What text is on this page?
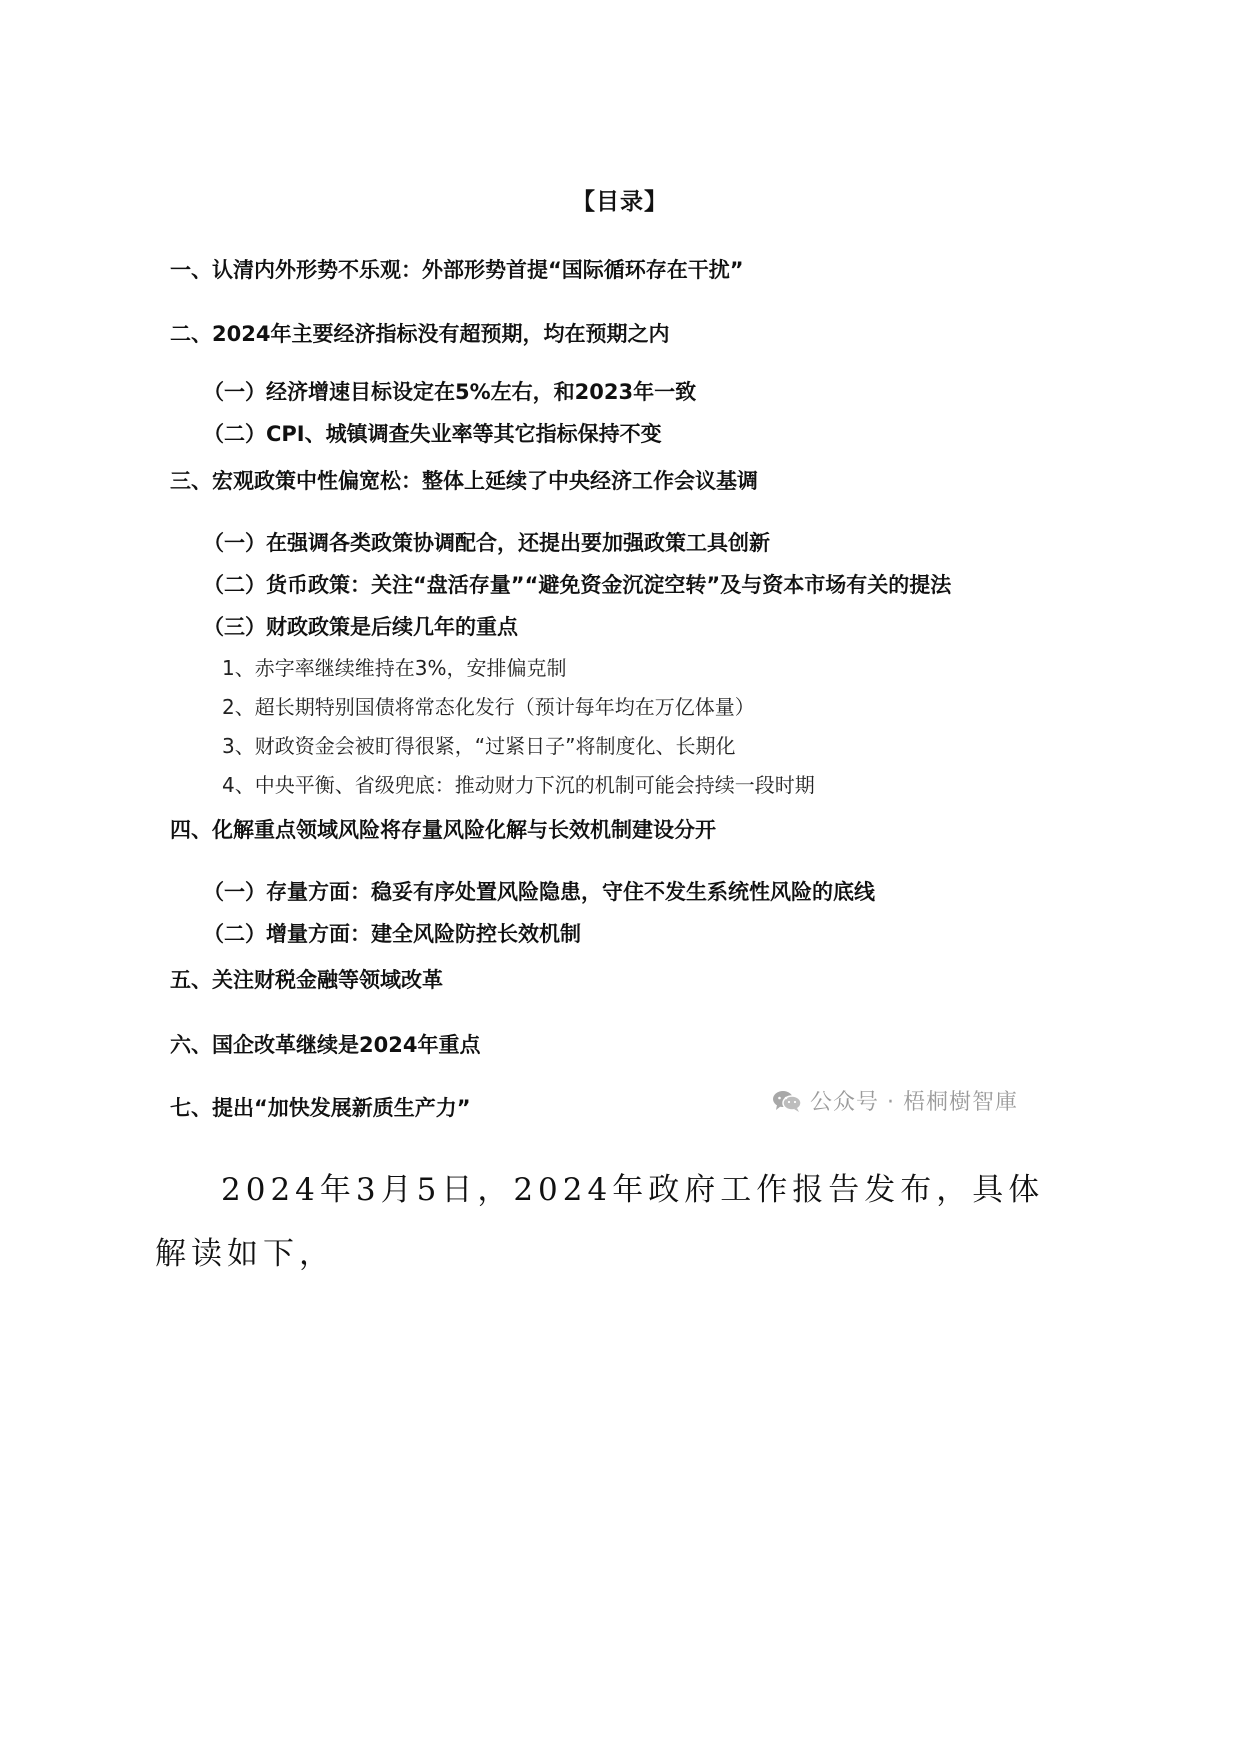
【目录】
一、认清内外形势不乐观：外部形势首提“国际循环存在干扰”
二、2024年主要经济指标没有超预期，均在预期之内
（一）经济增速目标设定在5%左右，和2023年一致
（二）CPI、城镇调查失业率等其它指标保持不变
三、宏观政策中性偏宽松：整体上延续了中央经济工作会议基调
（一）在强调各类政策协调配合，还提出要加强政策工具创新
（二）货币政策：关注“盘活存量”“避免资金沉淀空转”及与资本市场有关的提法
（三）财政政策是后续几年的重点
1、赤字率继续维持在3%，安排偏克制
2、超长期特别国债将常态化发行（预计每年均在万亿体量）
3、财政资金会被盯得很紧，“过紧日子”将制度化、长期化
4、中央平衡、省级兜底：推动财力下沉的机制可能会持续一段时期
四、化解重点领域风险将存量风险化解与长效机制建设分开
（一）存量方面：稳妥有序处置风险隐患，守住不发生系统性风险的底线
（二）增量方面：建全风险防控长效机制
五、关注财税金融等领域改革
六、国企改革继续是2024年重点
七、提出“加快发展新质生产力”	公众号 · 梧桐樹智庫
2024年3月5日，2024年政府工作报告发布，具体解读如下，
